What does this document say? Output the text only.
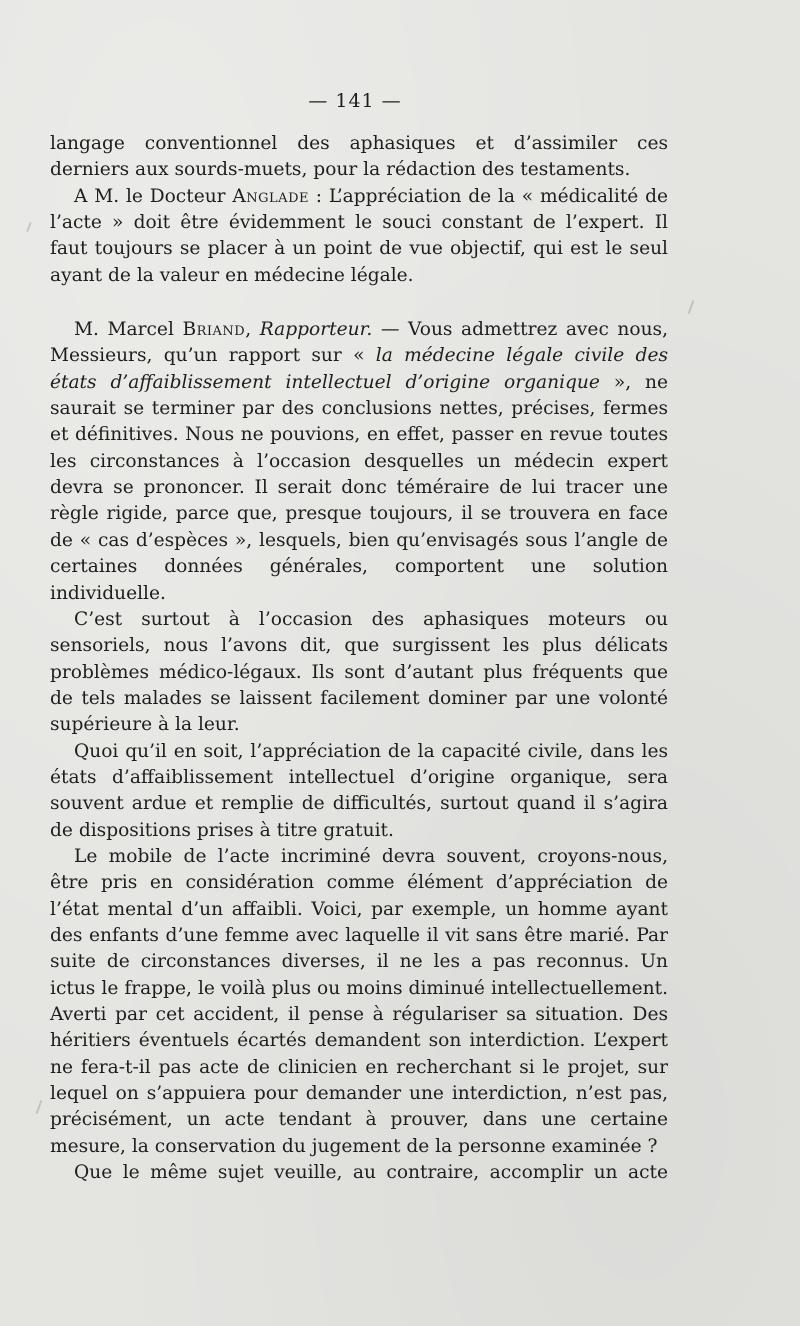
— 141 —

langage conventionnel des aphasiques et d’assimiler ces derniers aux sourds-muets, pour la rédaction des testaments.

A M. le Docteur Anglade : L’appréciation de la « médicalité de l’acte » doit être évidemment le souci constant de l’expert. Il faut toujours se placer à un point de vue objectif, qui est le seul ayant de la valeur en médecine légale.

M. Marcel Briand, Rapporteur. — Vous admettrez avec nous, Messieurs, qu’un rapport sur « la médecine légale civile des états d’affaiblissement intellectuel d’origine organique », ne saurait se terminer par des conclusions nettes, précises, fermes et définitives. Nous ne pouvions, en effet, passer en revue toutes les circonstances à l’occasion desquelles un médecin expert devra se prononcer. Il serait donc téméraire de lui tracer une règle rigide, parce que, presque toujours, il se trouvera en face de « cas d’espèces », lesquels, bien qu’envisagés sous l’angle de certaines données générales, comportent une solution individuelle.

C’est surtout à l’occasion des aphasiques moteurs ou sensoriels, nous l’avons dit, que surgissent les plus délicats problèmes médico-légaux. Ils sont d’autant plus fréquents que de tels malades se laissent facilement dominer par une volonté supérieure à la leur.

Quoi qu’il en soit, l’appréciation de la capacité civile, dans les états d’affaiblissement intellectuel d’origine organique, sera souvent ardue et remplie de difficultés, surtout quand il s’agira de dispositions prises à titre gratuit.

Le mobile de l’acte incriminé devra souvent, croyons-nous, être pris en considération comme élément d’appréciation de l’état mental d’un affaibli. Voici, par exemple, un homme ayant des enfants d’une femme avec laquelle il vit sans être marié. Par suite de circonstances diverses, il ne les a pas reconnus. Un ictus le frappe, le voilà plus ou moins diminué intellectuellement. Averti par cet accident, il pense à régulariser sa situation. Des héritiers éventuels écartés demandent son interdiction. L’expert ne fera-t-il pas acte de clinicien en recherchant si le projet, sur lequel on s’appuiera pour demander une interdiction, n’est pas, précisément, un acte tendant à prouver, dans une certaine mesure, la conservation du jugement de la personne examinée ?

Que le même sujet veuille, au contraire, accomplir un acte
